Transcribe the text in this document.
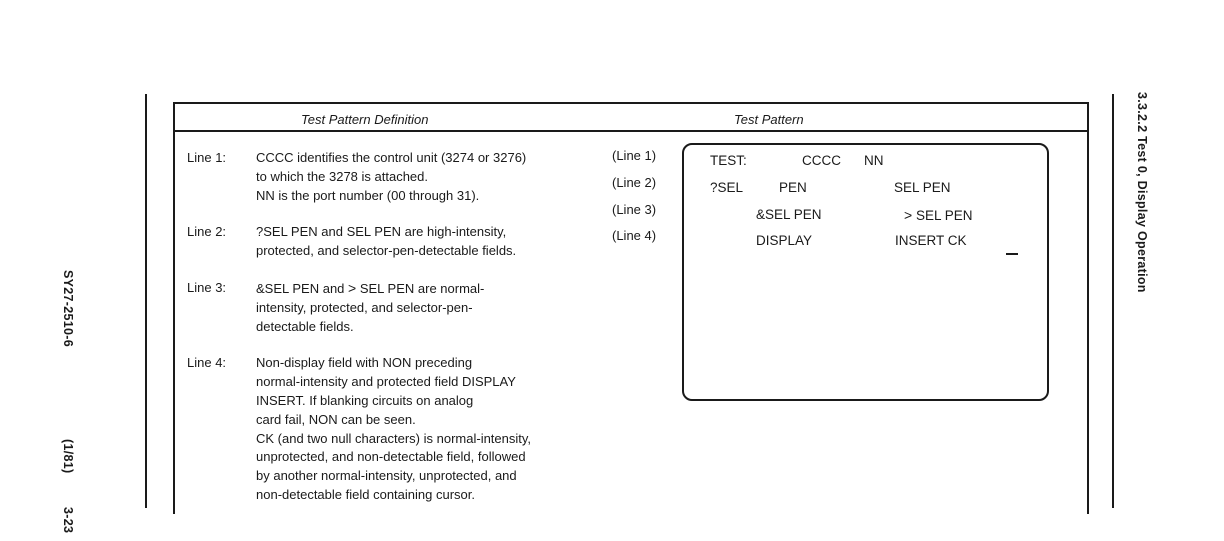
SY27-2510-6 (1/81) 3-23
3.3.2.2 Test 0, Display Operation
Test Pattern Definition	Test Pattern
Line 1:	CCCC identifies the control unit (3274 or 3276)
to which the 3278 is attached.
NN is the port number (00 through 31).
Line 2:	?SEL PEN and SEL PEN are high-intensity,
protected, and selector-pen-detectable fields.
Line 3:	&SEL PEN and > SEL PEN are normal-
intensity, protected, and selector-pen-
detectable fields.
Line 4:	Non-display field with NON preceding
normal-intensity and protected field DISPLAY
INSERT. If blanking circuits on analog
card fail, NON can be seen.
CK (and two null characters) is normal-intensity,
unprotected, and non-detectable field, followed
by another normal-intensity, unprotected, and
non-detectable field containing cursor.
(Line 1)
(Line 2)
(Line 3)
(Line 4)
TEST:	CCCC NN
?SEL	PEN	SEL PEN
&SEL PEN	> SEL PEN
DISPLAY	INSERT CK
